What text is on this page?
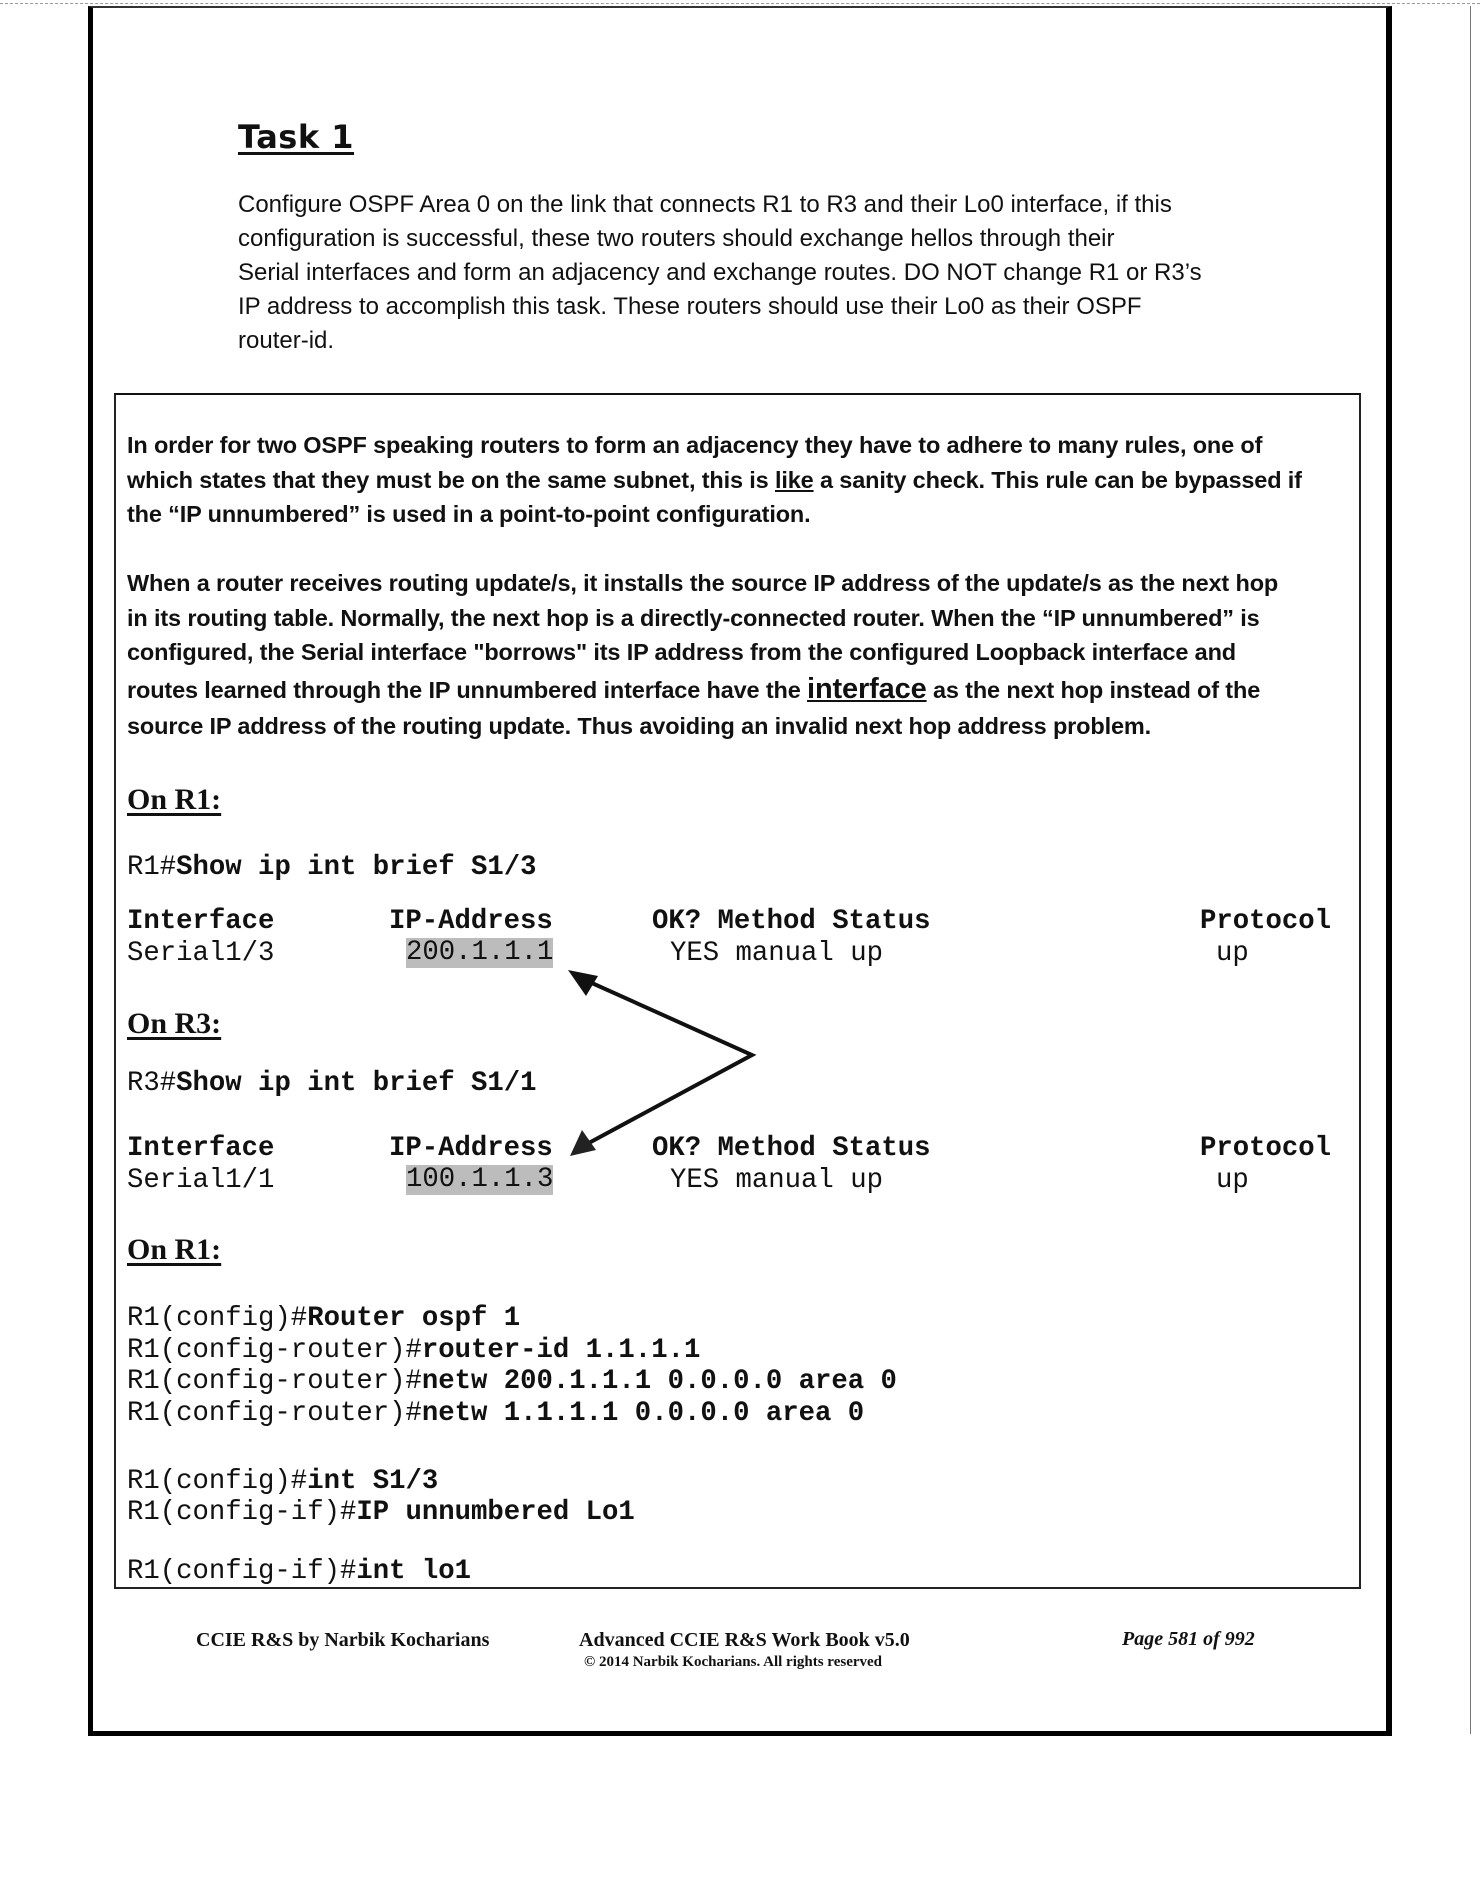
Task 1
Configure OSPF Area 0 on the link that connects R1 to R3 and their Lo0 interface, if this
configuration is successful, these two routers should exchange hellos through their
Serial interfaces and form an adjacency and exchange routes. DO NOT change R1 or R3’s
IP address to accomplish this task. These routers should use their Lo0 as their OSPF
router-id.
In order for two OSPF speaking routers to form an adjacency they have to adhere to many rules, one of
which states that they must be on the same subnet, this is like a sanity check. This rule can be bypassed if
the “IP unnumbered” is used in a point-to-point configuration.
When a router receives routing update/s, it installs the source IP address of the update/s as the next hop
in its routing table. Normally, the next hop is a directly-connected router. When the “IP unnumbered” is
configured, the Serial interface "borrows" its IP address from the configured Loopback interface and
routes learned through the IP unnumbered interface have the interface as the next hop instead of the
source IP address of the routing update. Thus avoiding an invalid next hop address problem.
On R1:
R1#Show ip int brief S1/3
Interface	IP-Address	OK? Method Status	Protocol
Serial1/3	200.1.1.1	YES manual up	up
On R3:
R3#Show ip int brief S1/1
Interface	IP-Address	OK? Method Status	Protocol
Serial1/1	100.1.1.3	YES manual up	up
On R1:
R1(config)#Router ospf 1
R1(config-router)#router-id 1.1.1.1
R1(config-router)#netw 200.1.1.1 0.0.0.0 area 0
R1(config-router)#netw 1.1.1.1 0.0.0.0 area 0
R1(config)#int S1/3
R1(config-if)#IP unnumbered Lo1
R1(config-if)#int lo1
CCIE R&S by Narbik Kocharians	Advanced CCIE R&S Work Book v5.0
© 2014 Narbik Kocharians. All rights reserved
Page 581 of 992
